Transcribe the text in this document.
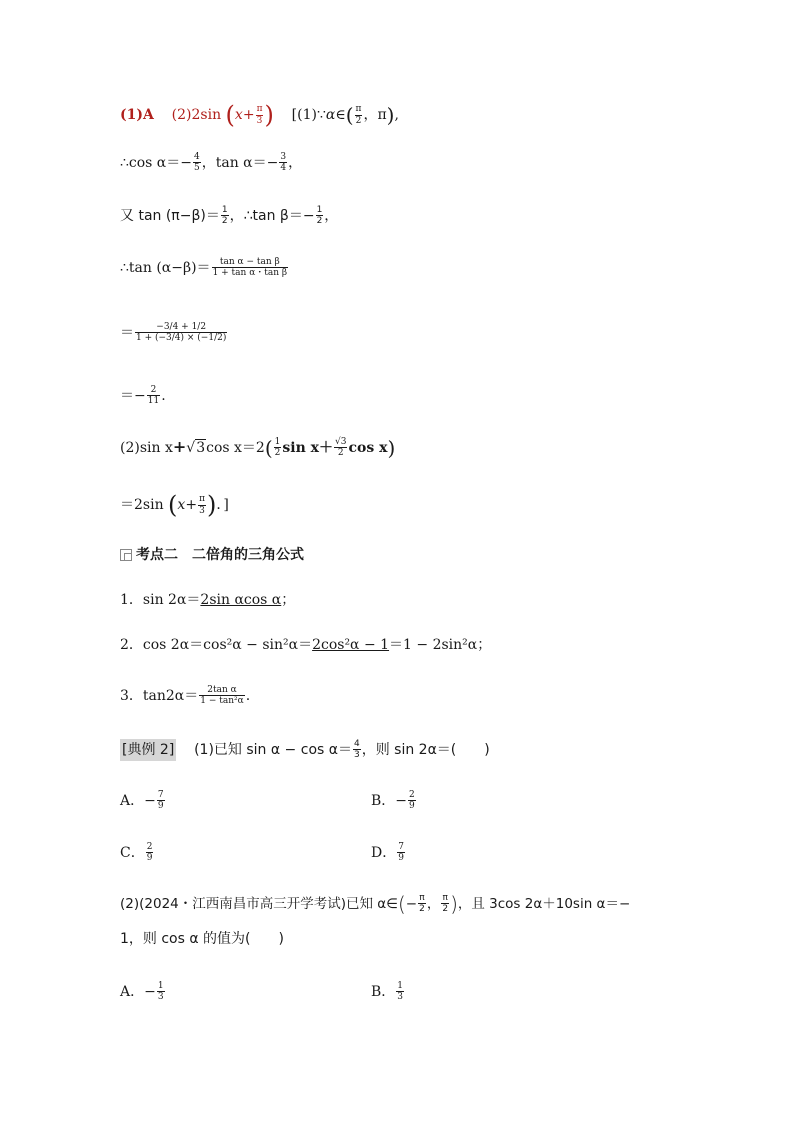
(1)A (2)2sin ($x+ \frac{\pi}{3}$ ) [(1)∵α∈( $\frac{\pi}{2}$ ，π),
∴cos $\alpha=- \frac{4}{5}$ ，$\tan \alpha=- \frac{3}{4}$ ，
又 $\tan (\pi-\beta)= \frac{1}{2}$ ，∴tan $\beta=- \frac{1}{2}$ ，
∴tan $(\alpha-\beta)= \frac{\text{tan α − tan β}}{\text{1 + tan α・tan β}}$
＝ $\frac{-3/4 + 1/2}{1 + (-3/4) \times (-1/2)}$
＝− $\frac{2}{11}$ .
(2)sin x+√3cos $x=2( \frac{1}{2}$ $\sin x+ \frac{√3}{2}$ cos x)
＝2sin ($x+ \frac{\pi}{3}$ )．]
考点二　二倍角的三角公式
1．sin 2α＝2sin αcos α；
2．cos 2α＝cos²α − sin²α＝2cos²α − 1＝1 − 2sin²α；
3．$\tan 2\alpha= \frac{\text{2tan α}}{\text{1 − tan²α}}$ .
[典例 2] (1)已知 $\sin \alpha - \cos \alpha= \frac{4}{3}$ ，则 sin 2α＝(　　)
A．− $\frac{7}{9}$	B．− $\frac{2}{9}$
C． $\frac{2}{9}$	D． $\frac{7}{9}$
(2)(2024・江西南昌市高三开学考试)已知 α∈(− $\frac{\pi}{2}$ ， $\frac{\pi}{2}$ )，且 3cos 2α＋10sin α＝−
1，则 cos α 的值为(　　)
A．− $\frac{1}{3}$	B． $\frac{1}{3}$
